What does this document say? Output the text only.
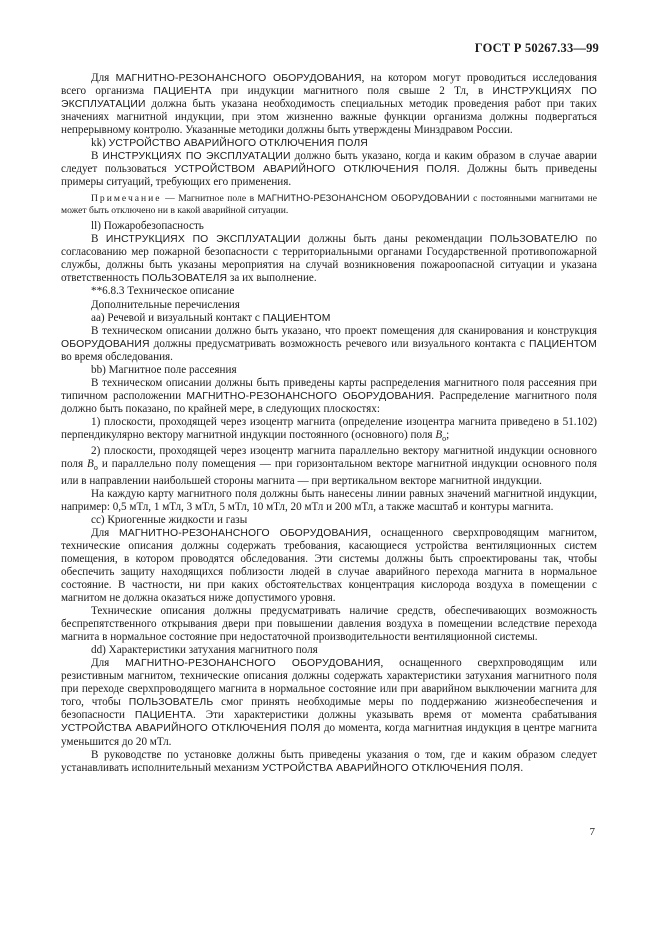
ГОСТ Р 50267.33—99

Для МАГНИТНО-РЕЗОНАНСНОГО ОБОРУДОВАНИЯ, на котором могут проводиться исследования всего организма ПАЦИЕНТА при индукции магнитного поля свыше 2 Тл, в ИНСТРУКЦИЯХ ПО ЭКСПЛУАТАЦИИ должна быть указана необходимость специальных методик проведения работ при таких значениях магнитной индукции, при этом жизненно важные функции организма должны подвергаться непрерывному контролю. Указанные методики должны быть утверждены Минздравом России.

kk) УСТРОЙСТВО АВАРИЙНОГО ОТКЛЮЧЕНИЯ ПОЛЯ

В ИНСТРУКЦИЯХ ПО ЭКСПЛУАТАЦИИ должно быть указано, когда и каким образом в случае аварии следует пользоваться УСТРОЙСТВОМ АВАРИЙНОГО ОТКЛЮЧЕНИЯ ПОЛЯ. Должны быть приведены примеры ситуаций, требующих его применения.

Примечание — Магнитное поле в МАГНИТНО-РЕЗОНАНСНОМ ОБОРУДОВАНИИ с постоянными магнитами не может быть отключено ни в какой аварийной ситуации.

ll) Пожаробезопасность

В ИНСТРУКЦИЯХ ПО ЭКСПЛУАТАЦИИ должны быть даны рекомендации ПОЛЬЗОВАТЕЛЮ по согласованию мер пожарной безопасности с территориальными органами Государственной противопожарной службы, должны быть указаны мероприятия на случай возникновения пожароопасной ситуации и указана ответственность ПОЛЬЗОВАТЕЛЯ за их выполнение.

**6.8.3 Техническое описание

Дополнительные перечисления

aa) Речевой и визуальный контакт с ПАЦИЕНТОМ

В техническом описании должно быть указано, что проект помещения для сканирования и конструкция ОБОРУДОВАНИЯ должны предусматривать возможность речевого или визуального контакта с ПАЦИЕНТОМ во время обследования.

bb) Магнитное поле рассеяния

В техническом описании должны быть приведены карты распределения магнитного поля рассеяния при типичном расположении МАГНИТНО-РЕЗОНАНСНОГО ОБОРУДОВАНИЯ. Распределение магнитного поля должно быть показано, по крайней мере, в следующих плоскостях:

1) плоскости, проходящей через изоцентр магнита (определение изоцентра магнита приведено в 51.102) перпендикулярно вектору магнитной индукции постоянного (основного) поля $B_o$;

2) плоскости, проходящей через изоцентр магнита параллельно вектору магнитной индукции основного поля $B_o$ и параллельно полу помещения — при горизонтальном векторе магнитной индукции основного поля или в направлении наибольшей стороны магнита — при вертикальном векторе магнитной индукции.

На каждую карту магнитного поля должны быть нанесены линии равных значений магнитной индукции, например: 0,5 мТл, 1 мТл, 3 мТл, 5 мТл, 10 мТл, 20 мТл и 200 мТл, а также масштаб и контуры магнита.

cc) Криогенные жидкости и газы

Для МАГНИТНО-РЕЗОНАНСНОГО ОБОРУДОВАНИЯ, оснащенного сверхпроводящим магнитом, технические описания должны содержать требования, касающиеся устройства вентиляционных систем помещения, в котором проводятся обследования. Эти системы должны быть спроектированы так, чтобы обеспечить защиту находящихся поблизости людей в случае аварийного перехода магнита в нормальное состояние. В частности, ни при каких обстоятельствах концентрация кислорода воздуха в помещении с магнитом не должна оказаться ниже допустимого уровня.

Технические описания должны предусматривать наличие средств, обеспечивающих возможность беспрепятственного открывания двери при повышении давления воздуха в помещении вследствие перехода магнита в нормальное состояние при недостаточной производительности вентиляционной системы.

dd) Характеристики затухания магнитного поля

Для МАГНИТНО-РЕЗОНАНСНОГО ОБОРУДОВАНИЯ, оснащенного сверхпроводящим или резистивным магнитом, технические описания должны содержать характеристики затухания магнитного поля при переходе сверхпроводящего магнита в нормальное состояние или при аварийном выключении магнита для того, чтобы ПОЛЬЗОВАТЕЛЬ смог принять необходимые меры по поддержанию жизнеобеспечения и безопасности ПАЦИЕНТА. Эти характеристики должны указывать время от момента срабатывания УСТРОЙСТВА АВАРИЙНОГО ОТКЛЮЧЕНИЯ ПОЛЯ до момента, когда магнитная индукция в центре магнита уменьшится до 20 мТл.

В руководстве по установке должны быть приведены указания о том, где и каким образом следует устанавливать исполнительный механизм УСТРОЙСТВА АВАРИЙНОГО ОТКЛЮЧЕНИЯ ПОЛЯ.

7
